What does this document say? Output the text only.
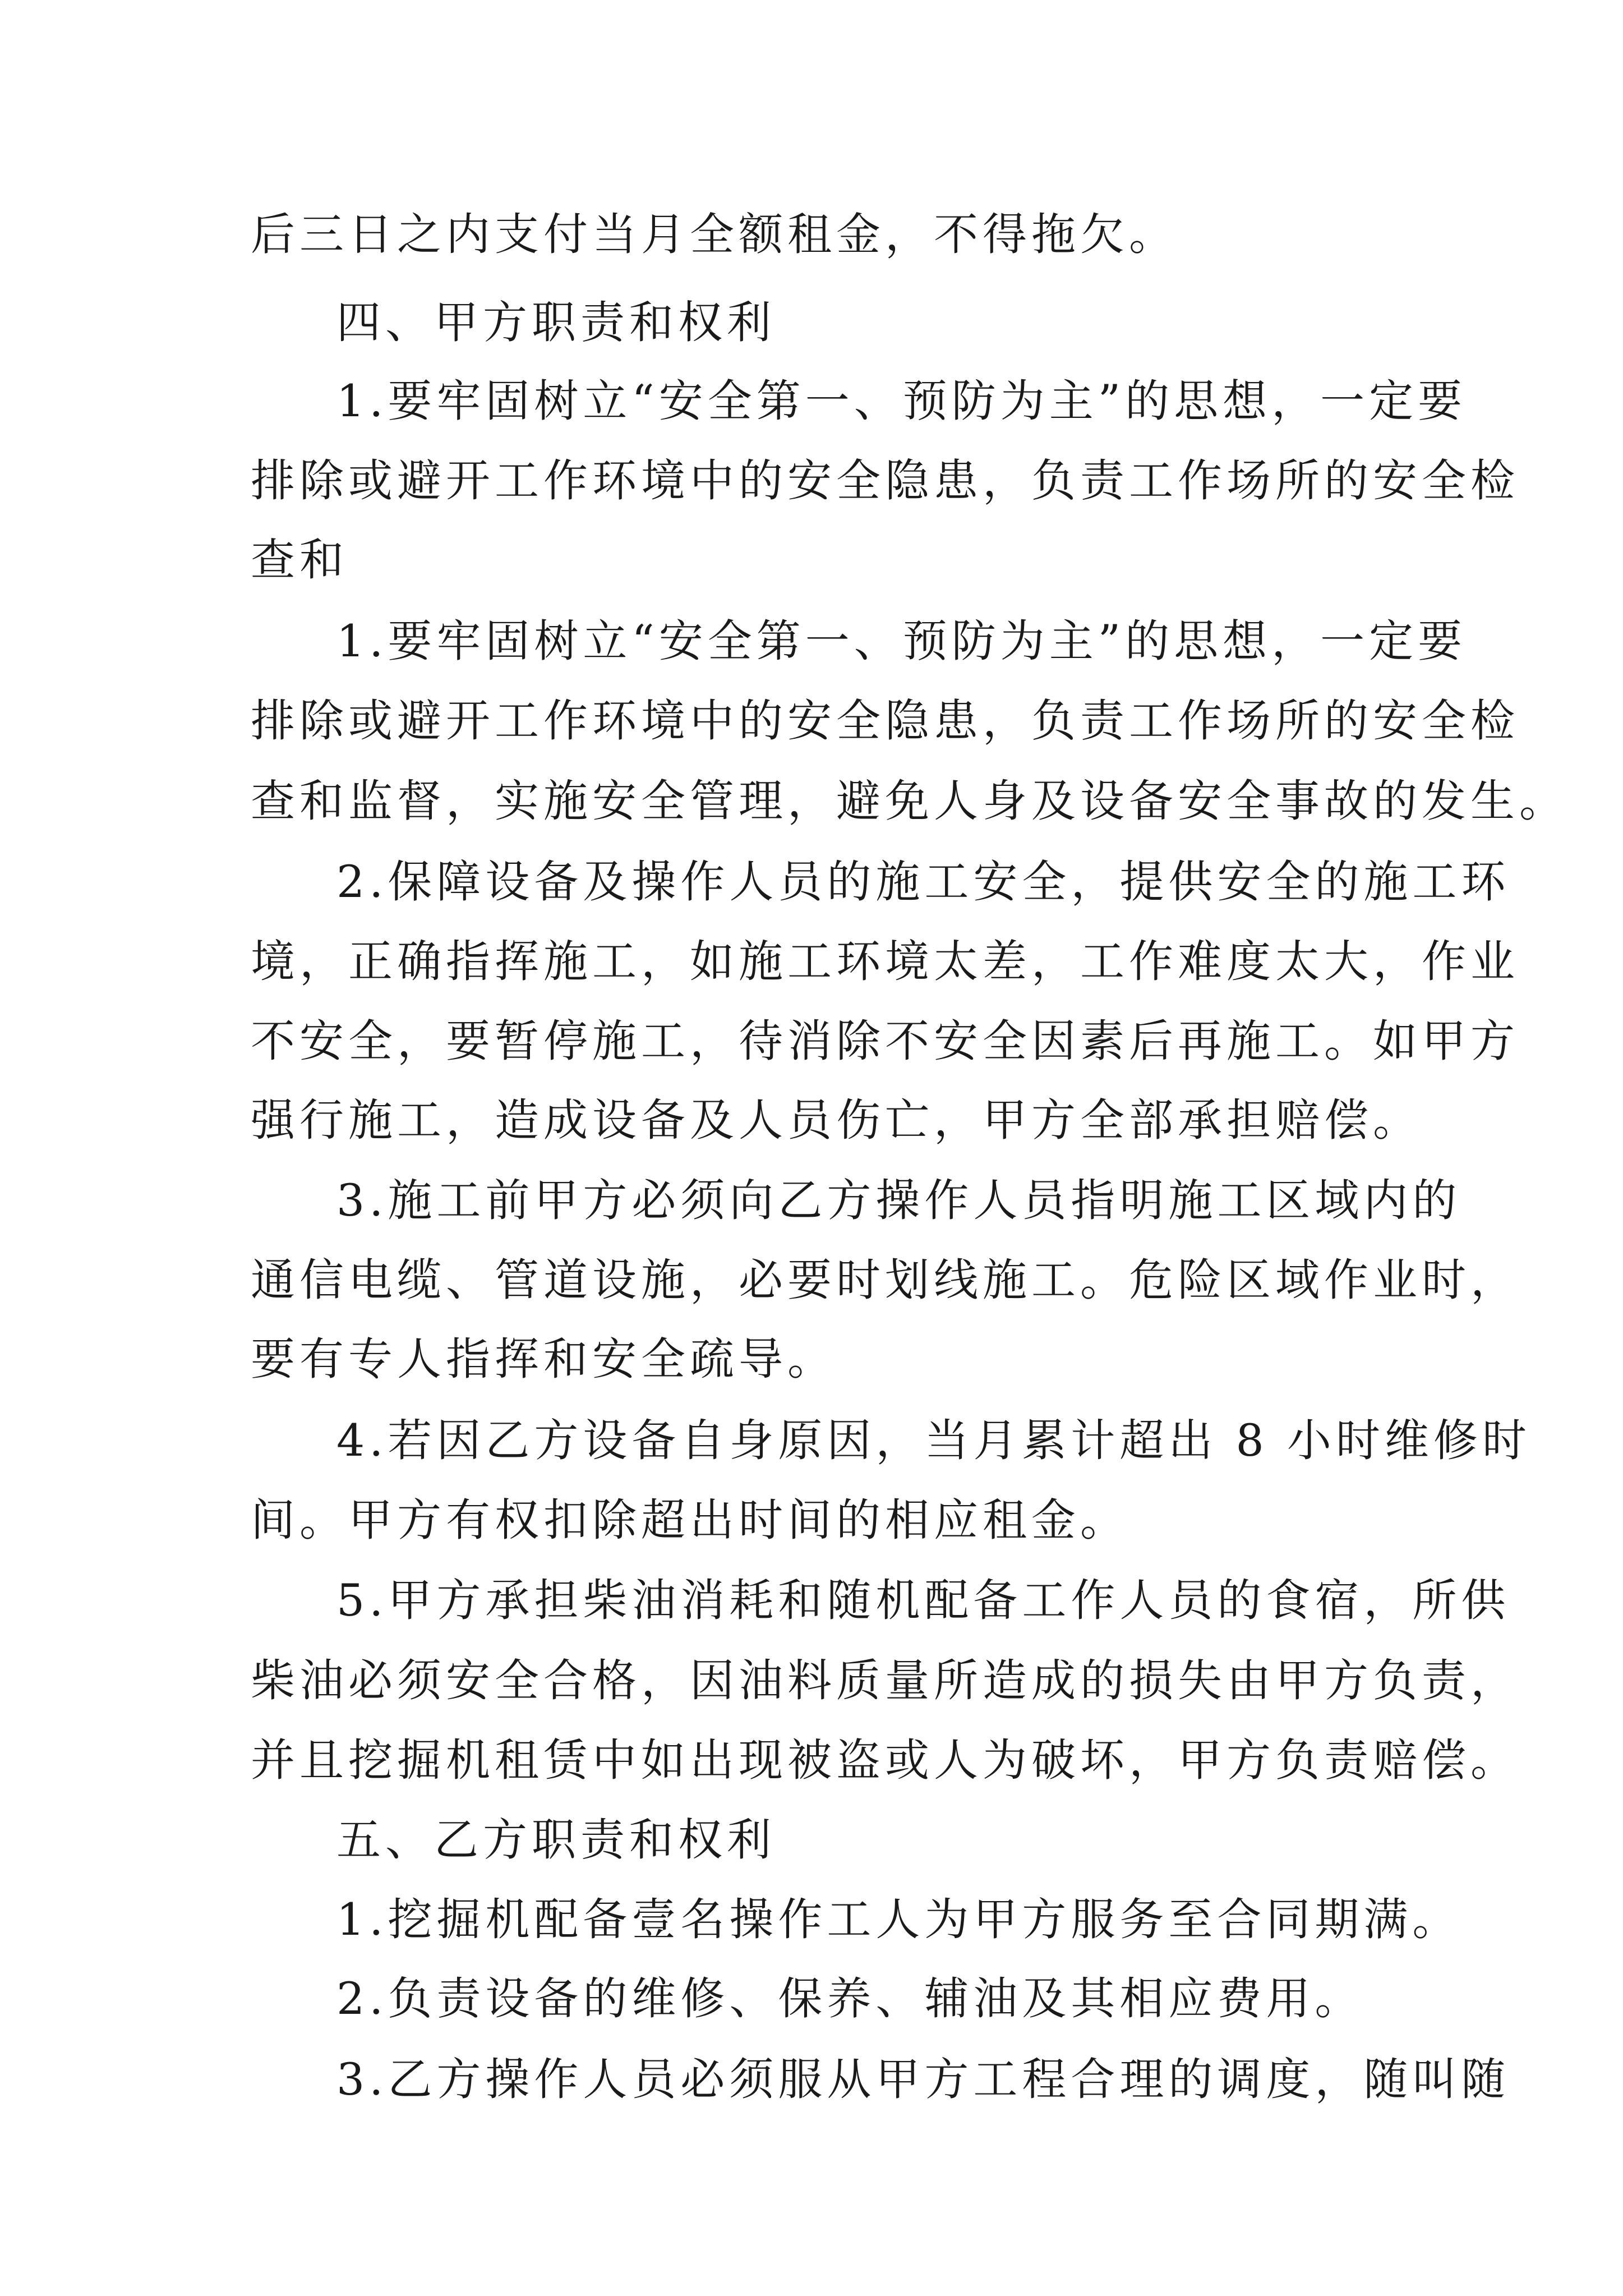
后三日之内支付当月全额租金，不得拖欠。
四、甲方职责和权利
1.要牢固树立“安全第一、预防为主”的思想，一定要
排除或避开工作环境中的安全隐患，负责工作场所的安全检
查和
1.要牢固树立“安全第一、预防为主”的思想，一定要
排除或避开工作环境中的安全隐患，负责工作场所的安全检
查和监督，实施安全管理，避免人身及设备安全事故的发生。
2.保障设备及操作人员的施工安全，提供安全的施工环
境，正确指挥施工，如施工环境太差，工作难度太大，作业
不安全，要暂停施工，待消除不安全因素后再施工。如甲方
强行施工，造成设备及人员伤亡，甲方全部承担赔偿。
3.施工前甲方必须向乙方操作人员指明施工区域内的
通信电缆、管道设施，必要时划线施工。危险区域作业时，
要有专人指挥和安全疏导。
4.若因乙方设备自身原因，当月累计超出 8 小时维修时
间。甲方有权扣除超出时间的相应租金。
5.甲方承担柴油消耗和随机配备工作人员的食宿，所供
柴油必须安全合格，因油料质量所造成的损失由甲方负责，
并且挖掘机租赁中如出现被盗或人为破坏，甲方负责赔偿。
五、乙方职责和权利
1.挖掘机配备壹名操作工人为甲方服务至合同期满。
2.负责设备的维修、保养、辅油及其相应费用。
3.乙方操作人员必须服从甲方工程合理的调度，随叫随
